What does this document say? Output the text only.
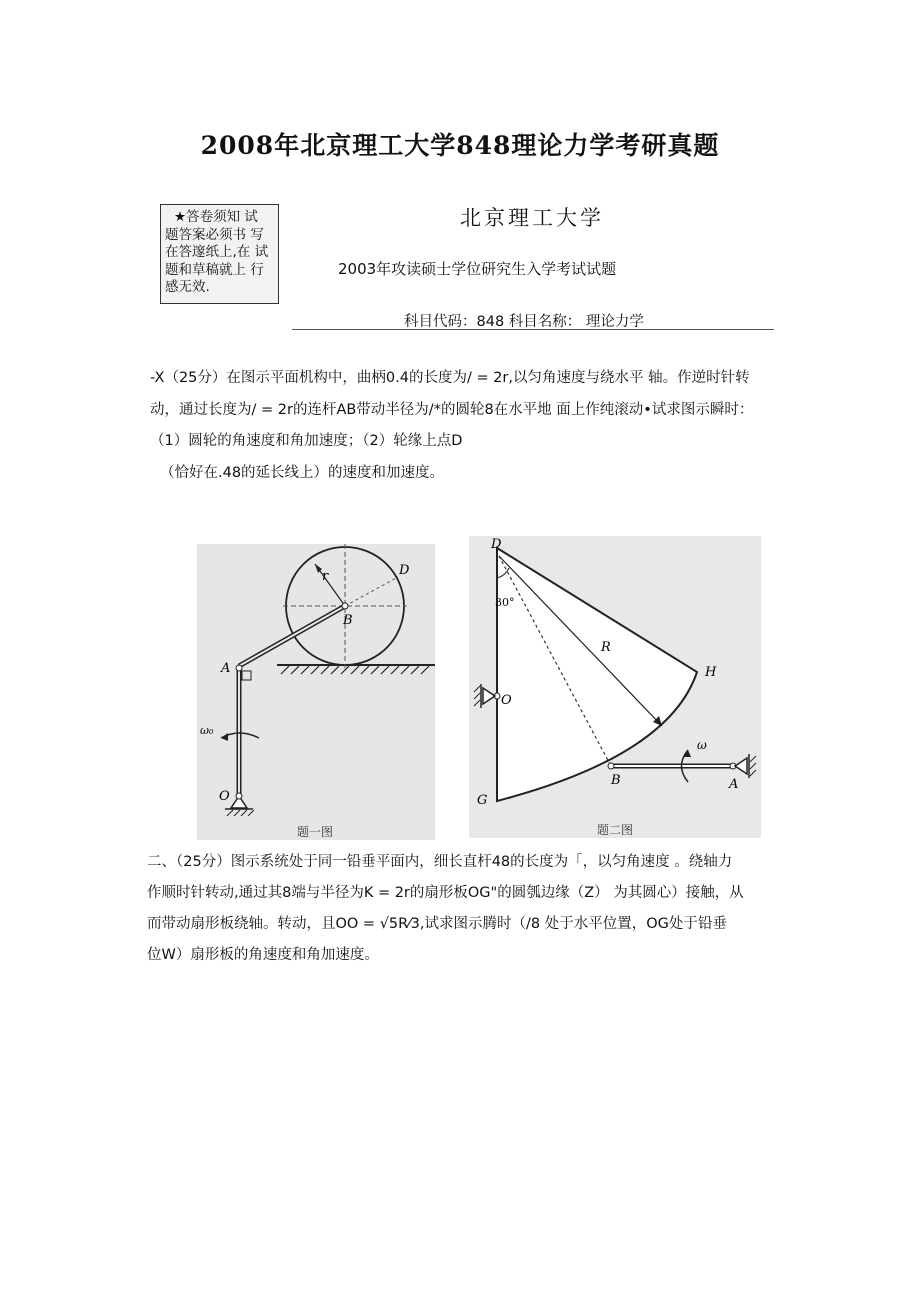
2008年北京理工大学848理论力学考研真题
★答卷须知 试
题答案必须书 写
在答邃纸上,在 试
题和草稿就上 行
感无效.
北京理工大学
2003年攻读硕士学位研究生入学考试试题
科目代码：848 科目名称： 理论力学
-X（25分）在图示平面机构中，曲柄0.4的长度为/ = 2r,以匀角速度与绕水平 轴。作逆时针转
动，通过长度为/ = 2r的连杆AB带动半径为/*的圆轮8在水平地 面上作纯滚动•试求图示瞬时：
（1）圆轮的角速度和角加速度；（2）轮缘上点D
（恰好在.48的延长线上）的速度和加速度。
r	D
B
A
O
ω₀
题一图
D
30°
R
H
O
G
B	A
ω
题二图
二、（25分）图示系统处于同一铅垂平面内，细长直杆48的长度为「，以匀角速度 。绕轴力
作顺时针转动,通过其8端与半径为K = 2r的扇形板OG"的圆瓠边缘（Z） 为其圆心）接触，从
而带动扇形板绕轴。转动，且OO = √5R⁄3,试求图示腾时（/8 处于水平位置，OG处于铅垂
位W）扇形板的角速度和角加速度。
